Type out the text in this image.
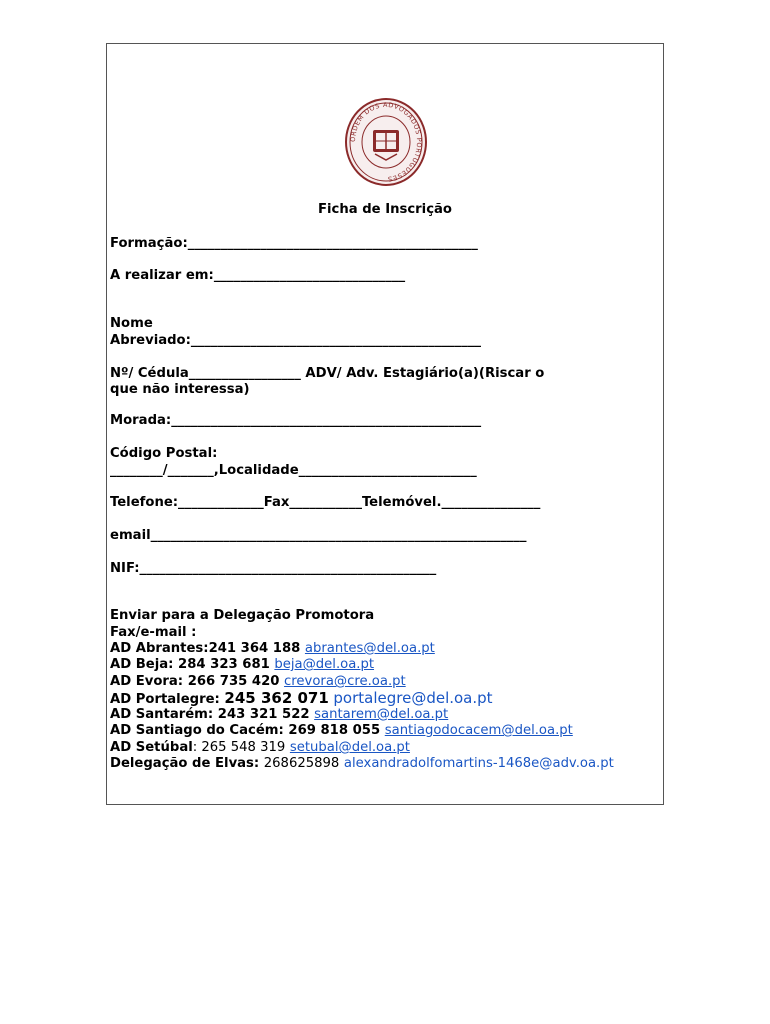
ORDEM DOS ADVOGADOS PORTUGUESES
Ficha de Inscrição
Formação:____________________________________________
A realizar em:_____________________________
Nome
Abreviado:____________________________________________
Nº/ Cédula_________________ ADV/ Adv. Estagiário(a)(Riscar o
que não interessa)
Morada:_______________________________________________
Código Postal:
________/_______,Localidade___________________________
Telefone:_____________Fax___________Telemóvel._______________
email_________________________________________________________
NIF:_____________________________________________
Enviar para a Delegação Promotora
Fax/e-mail :
AD Abrantes:241 364 188 abrantes@del.oa.pt
AD Beja: 284 323 681 beja@del.oa.pt
AD Evora: 266 735 420 crevora@cre.oa.pt
AD Portalegre: 245 362 071 portalegre@del.oa.pt
AD Santarém: 243 321 522 santarem@del.oa.pt
AD Santiago do Cacém: 269 818 055 santiagodocacem@del.oa.pt
AD Setúbal: 265 548 319 setubal@del.oa.pt
Delegação de Elvas: 268625898 alexandradolfomartins-1468e@adv.oa.pt
